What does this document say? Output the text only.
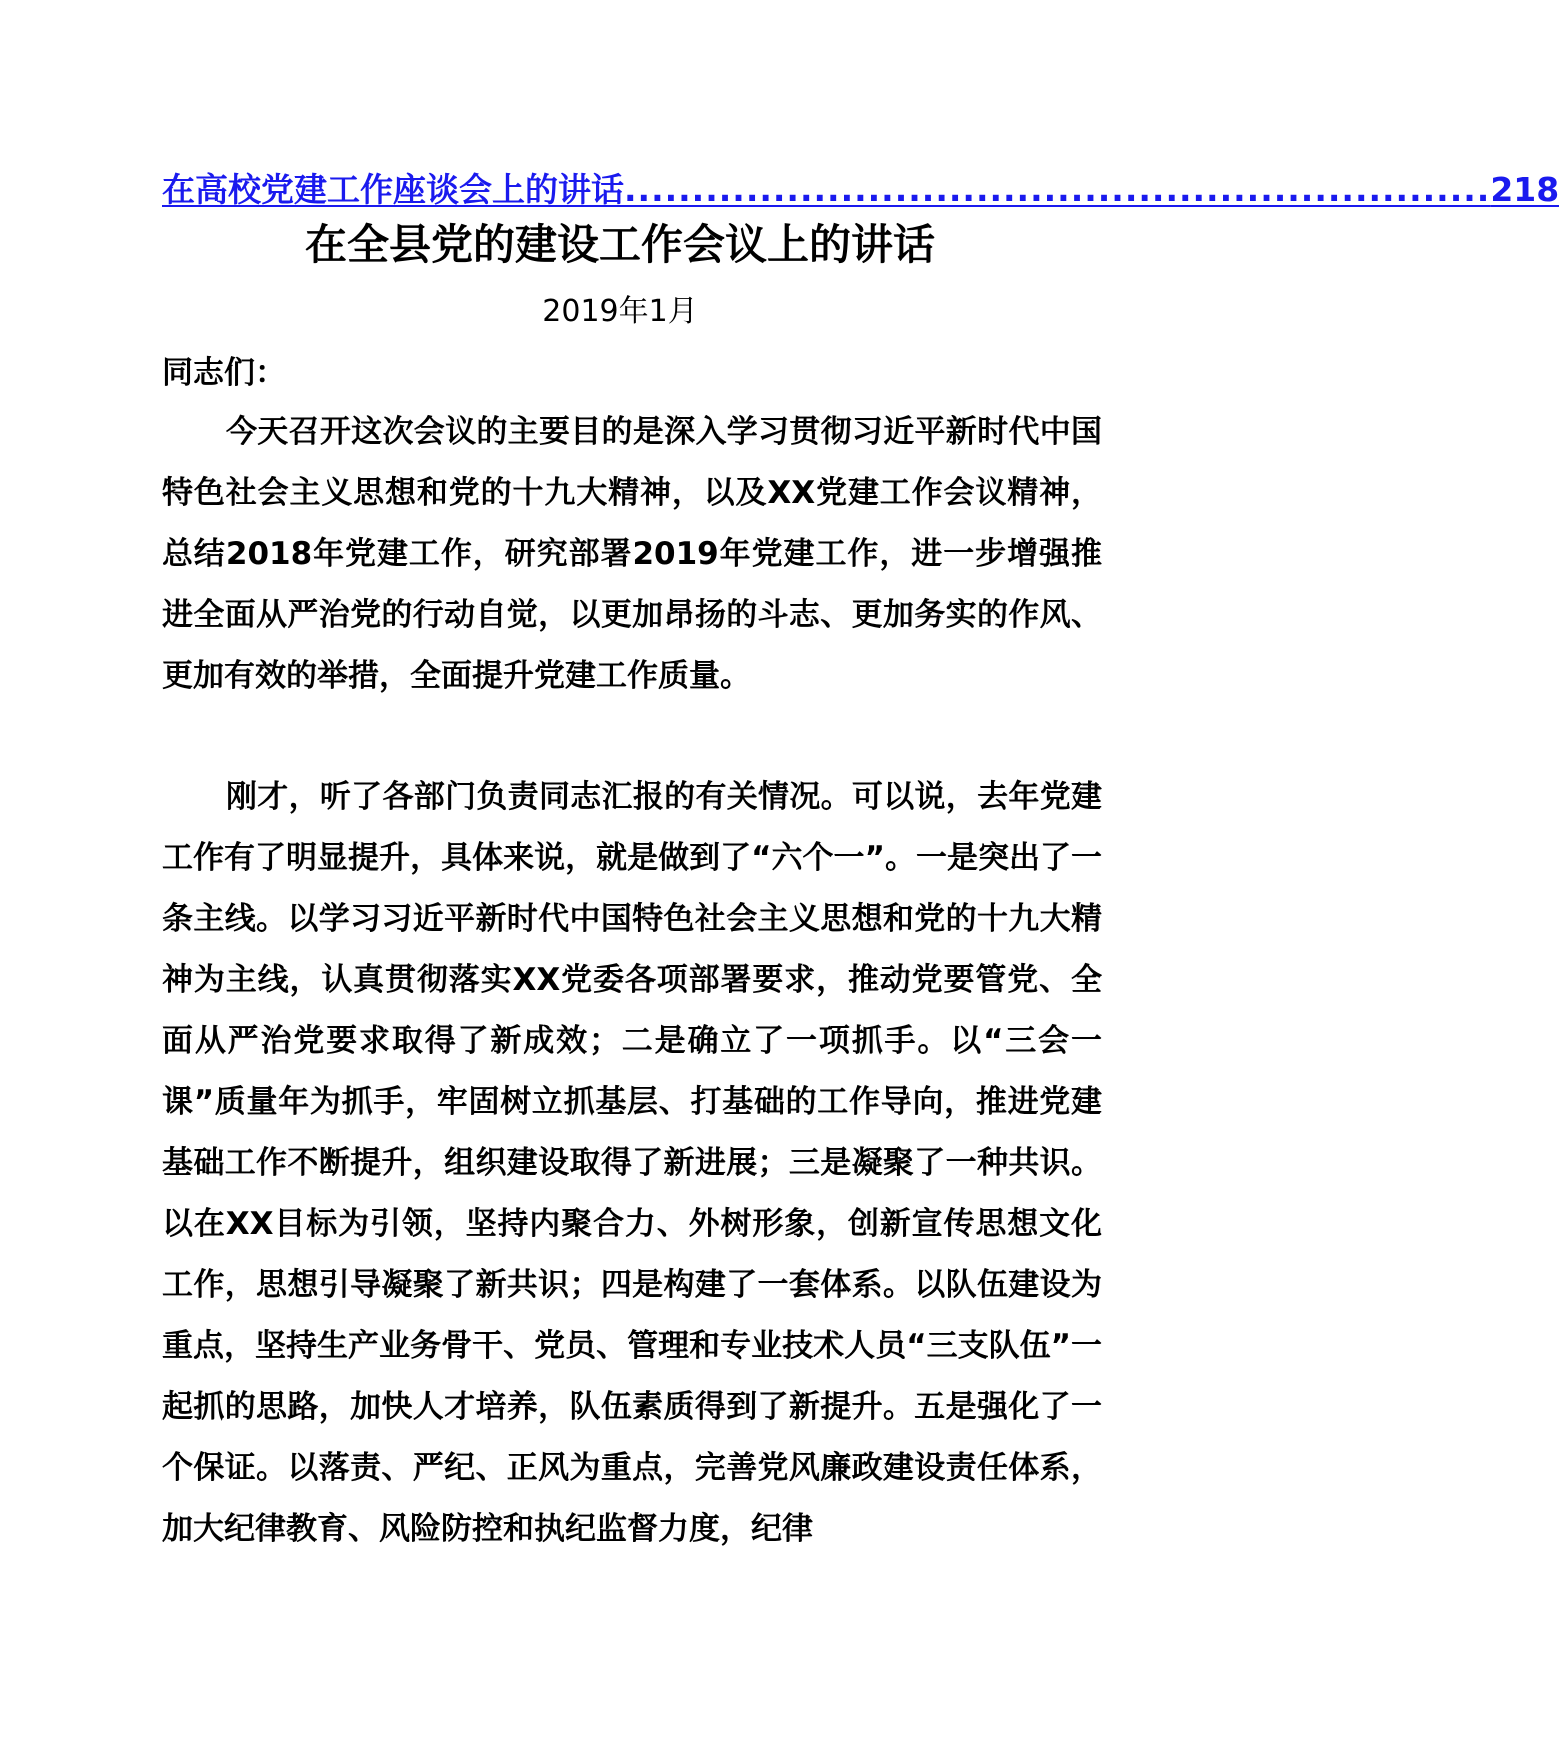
在高校党建工作座谈会上的讲话 ................................................................ 218
在全县党的建设工作会议上的讲话

2019年1月

同志们：

今天召开这次会议的主要目的是深入学习贯彻习近平新时代中国特色社会主义思想和党的十九大精神，以及XX党建工作会议精神，总结2018年党建工作，研究部署2019年党建工作，进一步增强推进全面从严治党的行动自觉，以更加昂扬的斗志、更加务实的作风、更加有效的举措，全面提升党建工作质量。

刚才，听了各部门负责同志汇报的有关情况。可以说，去年党建工作有了明显提升，具体来说，就是做到了“六个一”。一是突出了一条主线。以学习习近平新时代中国特色社会主义思想和党的十九大精神为主线，认真贯彻落实XX党委各项部署要求，推动党要管党、全面从严治党要求取得了新成效；二是确立了一项抓手。以“三会一课”质量年为抓手，牢固树立抓基层、打基础的工作导向，推进党建基础工作不断提升，组织建设取得了新进展；三是凝聚了一种共识。以在XX目标为引领，坚持内聚合力、外树形象，创新宣传思想文化工作，思想引导凝聚了新共识；四是构建了一套体系。以队伍建设为重点，坚持生产业务骨干、党员、管理和专业技术人员“三支队伍”一起抓的思路，加快人才培养，队伍素质得到了新提升。五是强化了一个保证。以落责、严纪、正风为重点，完善党风廉政建设责任体系，加大纪律教育、风险防控和执纪监督力度，纪律
